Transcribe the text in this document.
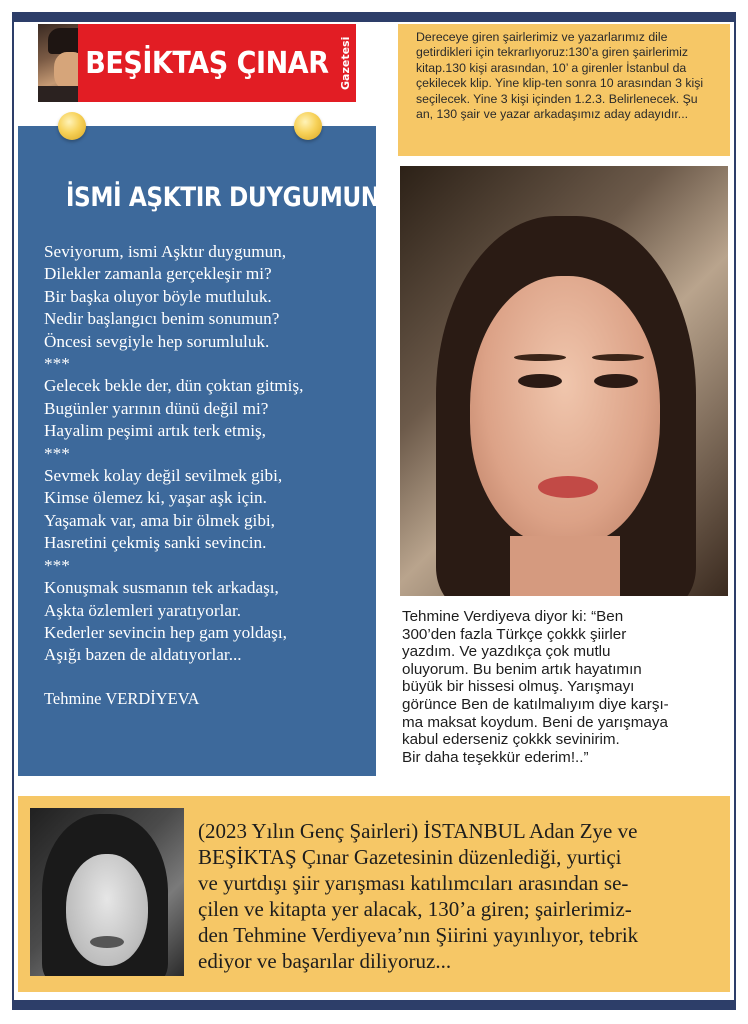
BEŞİKTAŞ ÇINAR Gazetesi	Dereceye giren şairlerimiz ve yazarlarımız dile getirdikleri için tekrarlıyoruz:130’a giren şairlerimiz kitap.130 kişi arasından, 10’ a girenler İstanbul da çekilecek klip. Yine klip-ten sonra 10 arasından 3 kişi seçilecek. Yine 3 kişi içinden 1.2.3. Belirlenecek. Şu an, 130 şair ve yazar arkadaşımız aday adayıdır...
İSMİ AŞKTIR DUYGUMUN
Seviyorum, ismi Aşktır duygumun,
Dilekler zamanla gerçekleşir mi?
Bir başka oluyor böyle mutluluk.
Nedir başlangıcı benim sonumun?
Öncesi sevgiyle hep sorumluluk.
***
Gelecek bekle der, dün çoktan gitmiş,
Bugünler yarının dünü değil mi?
Hayalim peşimi artık terk etmiş,
***
Sevmek kolay değil sevilmek gibi,
Kimse ölemez ki, yaşar aşk için.
Yaşamak var, ama bir ölmek gibi,
Hasretini çekmiş sanki sevincin.
***
Konuşmak susmanın tek arkadaşı,
Aşkta özlemleri yaratıyorlar.
Kederler sevincin hep gam yoldaşı,
Aşığı bazen de aldatıyorlar...
Tehmine VERDİYEVA
Tehmine Verdiyeva diyor ki: “Ben
300’den fazla Türkçe çokkk şiirler
yazdım. Ve yazdıkça çok mutlu
oluyorum. Bu benim artık hayatımın
büyük bir hissesi olmuş. Yarışmayı
görünce Ben de katılmalıyım diye karşı-
ma maksat koydum. Beni de yarışmaya
kabul ederseniz çokkk sevinirim.
Bir daha teşekkür ederim!..”
(2023 Yılın Genç Şairleri) İSTANBUL Adan Zye ve
BEŞİKTAŞ Çınar Gazetesinin düzenlediği, yurtiçi
ve yurtdışı şiir yarışması katılımcıları arasından se-
çilen ve kitapta yer alacak, 130’a giren; şairlerimiz-
den Tehmine Verdiyeva’nın Şiirini yayınlıyor, tebrik
ediyor ve başarılar diliyoruz...
